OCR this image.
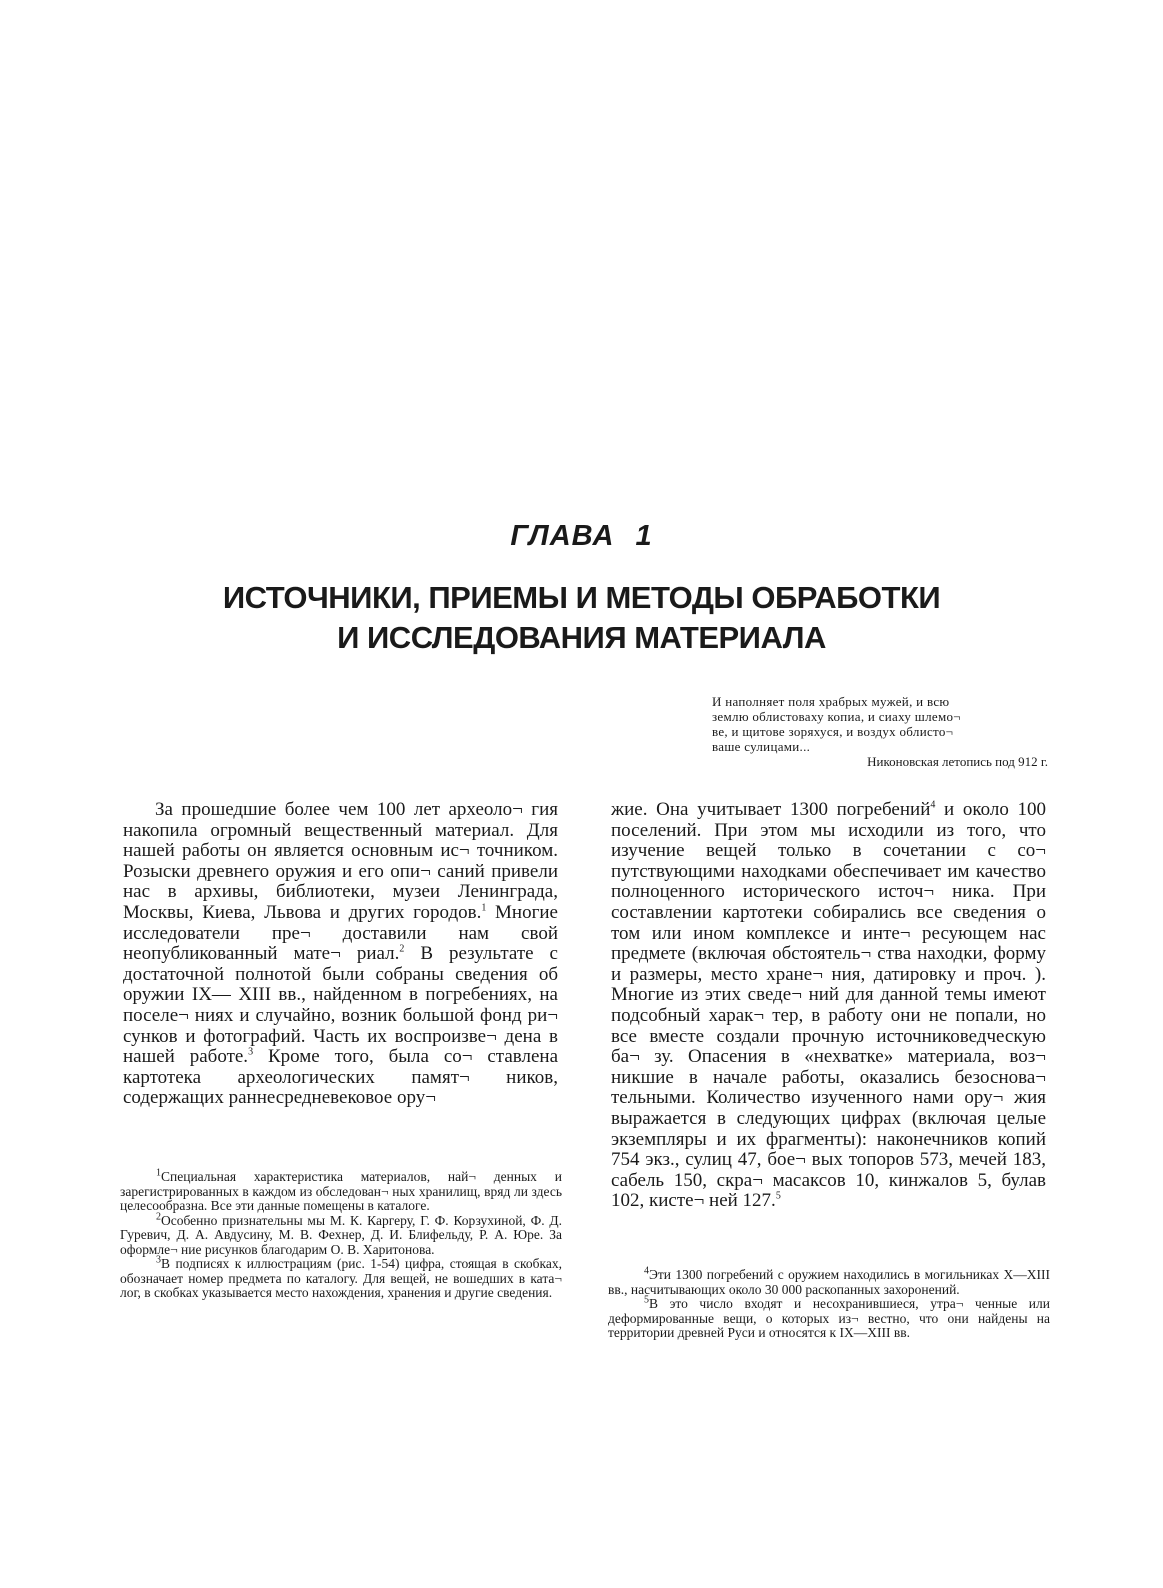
ГЛАВА 1
ИСТОЧНИКИ, ПРИЕМЫ И МЕТОДЫ ОБРАБОТКИ
И ИССЛЕДОВАНИЯ МАТЕРИАЛА
И наполняет поля храбрых мужей, и всю
землю облистоваху копиа, и сиаху шлемо¬
ве, и щитове зоряхуся, и воздух облисто¬
ваше сулицами...
Никоновская летопись под 912 г.

За прошедшие более чем 100 лет археоло¬ гия накопила огромный вещественный материал. Для нашей работы он является основным ис¬ точником. Розыски древнего оружия и его опи¬ саний привели нас в архивы, библиотеки, музеи Ленинграда, Москвы, Киева, Львова и других городов.$^1$ Многие исследователи пре¬ доставили нам свой неопубликованный мате¬ риал.$^2$ В результате с достаточной полнотой были собраны сведения об оружии IX— XIII вв., найденном в погребениях, на поселе¬ ниях и случайно, возник большой фонд ри¬ сунков и фотографий. Часть их воспроизве¬ дена в нашей работе.$^3$ Кроме того, была со¬ ставлена картотека археологических памят¬ ников, содержащих раннесредневековое ору¬

жие. Она учитывает 1300 погребений$^4$ и около 100 поселений. При этом мы исходили из того, что изучение вещей только в сочетании с со¬ путствующими находками обеспечивает им качество полноценного исторического источ¬ ника. При составлении картотеки собирались все сведения о том или ином комплексе и инте¬ ресующем нас предмете (включая обстоятель¬ ства находки, форму и размеры, место хране¬ ния, датировку и проч. ). Многие из этих сведе¬ ний для данной темы имеют подсобный харак¬ тер, в работу они не попали, но все вместе создали прочную источниковедческую ба¬ зу. Опасения в «нехватке» материала, воз¬ никшие в начале работы, оказались безоснова¬ тельными. Количество изученного нами ору¬ жия выражается в следующих цифрах (включая целые экземпляры и их фрагменты): наконечников копий 754 экз., сулиц 47, бое¬ вых топоров 573, мечей 183, сабель 150, скра¬ масаксов 10, кинжалов 5, булав 102, кисте¬ ней 127.$^5$

$^1$Специальная характеристика материалов, най¬ денных и зарегистрированных в каждом из обследован¬ ных хранилищ, вряд ли здесь целесообразна. Все эти данные помещены в каталоге.

$^2$Особенно признательны мы М. К. Каргеру, Г. Ф. Корзухиной, Ф. Д. Гуревич, Д. А. Авдусину, М. В. Фехнер, Д. И. Блифельду, Р. А. Юре. За оформле¬ ние рисунков благодарим О. В. Харитонова.

$^3$В подписях к иллюстрациям (рис. 1-54) цифра, стоящая в скобках, обозначает номер предмета по каталогу. Для вещей, не вошедших в ката¬ лог, в скобках указывается место нахождения, хранения и другие сведения.

$^4$Эти 1300 погребений с оружием находились в могильниках X—XIII вв., насчитывающих около 30 000 раскопанных захоронений.

$^5$В это число входят и несохранившиеся, утра¬ ченные или деформированные вещи, о которых из¬ вестно, что они найдены на территории древней Руси и относятся к IX—XIII вв.
